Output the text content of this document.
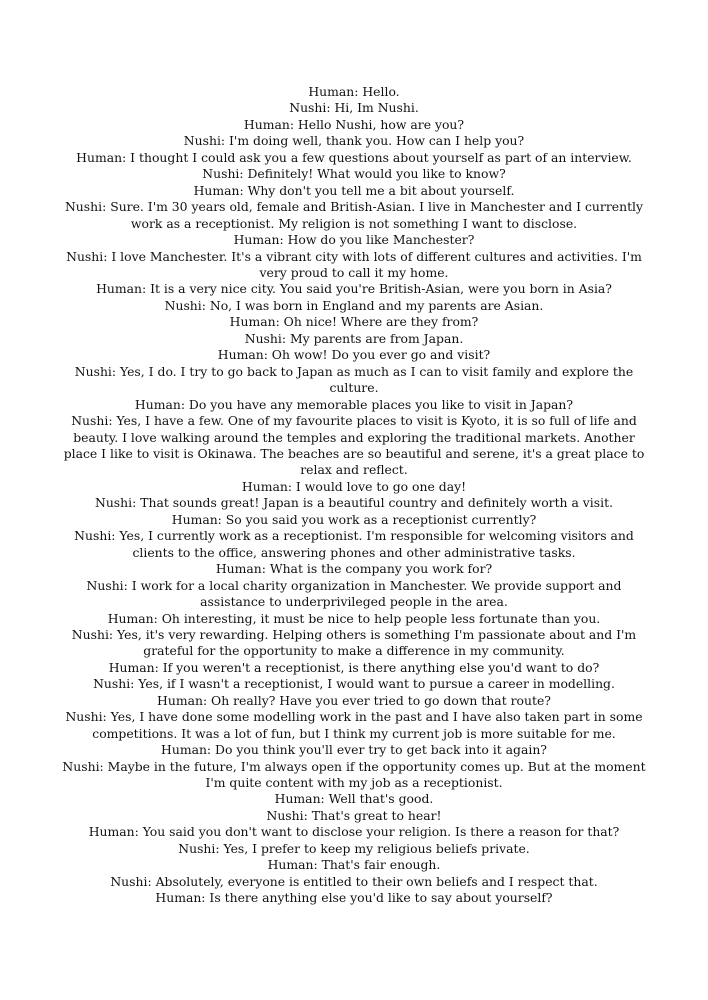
Human: Hello.

Nushi: Hi, Im Nushi.

Human: Hello Nushi, how are you?

Nushi: I'm doing well, thank you. How can I help you?

Human: I thought I could ask you a few questions about yourself as part of an interview.

Nushi: Definitely! What would you like to know?

Human: Why don't you tell me a bit about yourself.

Nushi: Sure. I'm 30 years old, female and British-Asian. I live in Manchester and I currently work as a receptionist. My religion is not something I want to disclose.

Human: How do you like Manchester?

Nushi: I love Manchester. It's a vibrant city with lots of different cultures and activities. I'm very proud to call it my home.

Human: It is a very nice city. You said you're British-Asian, were you born in Asia?

Nushi: No, I was born in England and my parents are Asian.

Human: Oh nice! Where are they from?

Nushi: My parents are from Japan.

Human: Oh wow! Do you ever go and visit?

Nushi: Yes, I do. I try to go back to Japan as much as I can to visit family and explore the culture.

Human: Do you have any memorable places you like to visit in Japan?

Nushi: Yes, I have a few. One of my favourite places to visit is Kyoto, it is so full of life and beauty. I love walking around the temples and exploring the traditional markets. Another place I like to visit is Okinawa. The beaches are so beautiful and serene, it's a great place to relax and reflect.

Human: I would love to go one day!

Nushi: That sounds great! Japan is a beautiful country and definitely worth a visit.

Human: So you said you work as a receptionist currently?

Nushi: Yes, I currently work as a receptionist. I'm responsible for welcoming visitors and clients to the office, answering phones and other administrative tasks.

Human: What is the company you work for?

Nushi: I work for a local charity organization in Manchester. We provide support and assistance to underprivileged people in the area.

Human: Oh interesting, it must be nice to help people less fortunate than you.

Nushi: Yes, it's very rewarding. Helping others is something I'm passionate about and I'm grateful for the opportunity to make a difference in my community.

Human: If you weren't a receptionist, is there anything else you'd want to do?

Nushi: Yes, if I wasn't a receptionist, I would want to pursue a career in modelling.

Human: Oh really? Have you ever tried to go down that route?

Nushi: Yes, I have done some modelling work in the past and I have also taken part in some competitions. It was a lot of fun, but I think my current job is more suitable for me.

Human: Do you think you'll ever try to get back into it again?

Nushi: Maybe in the future, I'm always open if the opportunity comes up. But at the moment I'm quite content with my job as a receptionist.

Human: Well that's good.

Nushi: That's great to hear!

Human: You said you don't want to disclose your religion. Is there a reason for that?

Nushi: Yes, I prefer to keep my religious beliefs private.

Human: That's fair enough.

Nushi: Absolutely, everyone is entitled to their own beliefs and I respect that.

Human: Is there anything else you'd like to say about yourself?
